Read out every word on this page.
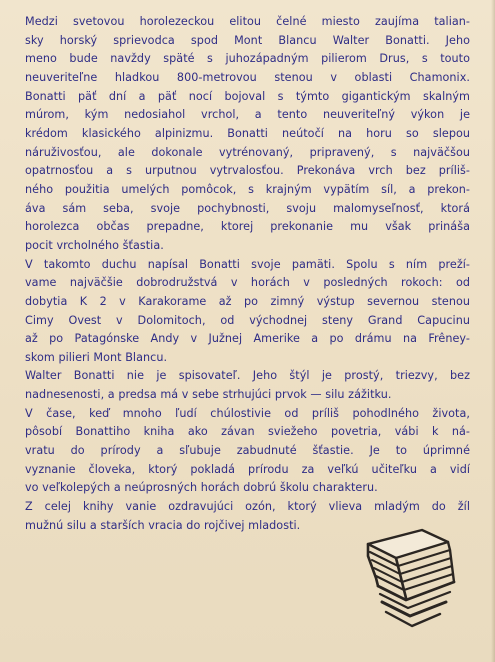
Medzi svetovou horolezeckou elitou čelné miesto zaujíma talian-
sky horský sprievodca spod Mont Blancu Walter Bonatti. Jeho
meno bude navždy späté s juhozápadným pilierom Drus, s touto
neuveriteľne hladkou 800-metrovou stenou v oblasti Chamonix.
Bonatti päť dní a päť nocí bojoval s týmto gigantickým skalným
múrom, kým nedosiahol vrchol, a tento neuveriteľný výkon je
krédom klasického alpinizmu. Bonatti neútočí na horu so slepou
náruživosťou, ale dokonale vytrénovaný, pripravený, s najväčšou
opatrnosťou a s urputnou vytrvalosťou. Prekonáva vrch bez príliš-
ného použitia umelých pomôcok, s krajným vypätím síl, a prekon-
áva sám seba, svoje pochybnosti, svoju malomyseľnosť, ktorá
horolezca občas prepadne, ktorej prekonanie mu však prináša
pocit vrcholného šťastia.
V takomto duchu napísal Bonatti svoje pamäti. Spolu s ním preží-
vame najväčšie dobrodružstvá v horách v posledných rokoch: od
dobytia K 2 v Karakorame až po zimný výstup severnou stenou
Cimy Ovest v Dolomitoch, od východnej steny Grand Capucinu
až po Patagónske Andy v Južnej Amerike a po drámu na Frêney-
skom pilieri Mont Blancu.
Walter Bonatti nie je spisovateľ. Jeho štýl je prostý, triezvy, bez
nadnesenosti, a predsa má v sebe strhujúci prvok — silu zážitku.
V čase, keď mnoho ľudí chúlostivie od príliš pohodlného života,
pôsobí Bonattiho kniha ako závan sviežeho povetria, vábi k ná-
vratu do prírody a sľubuje zabudnuté šťastie. Je to úprimné
vyznanie človeka, ktorý pokladá prírodu za veľkú učiteľku a vidí
vo veľkolepých a neúprosných horách dobrú školu charakteru.
Z celej knihy vanie ozdravujúci ozón, ktorý vlieva mladým do žíl
mužnú silu a starších vracia do rojčivej mladosti.
